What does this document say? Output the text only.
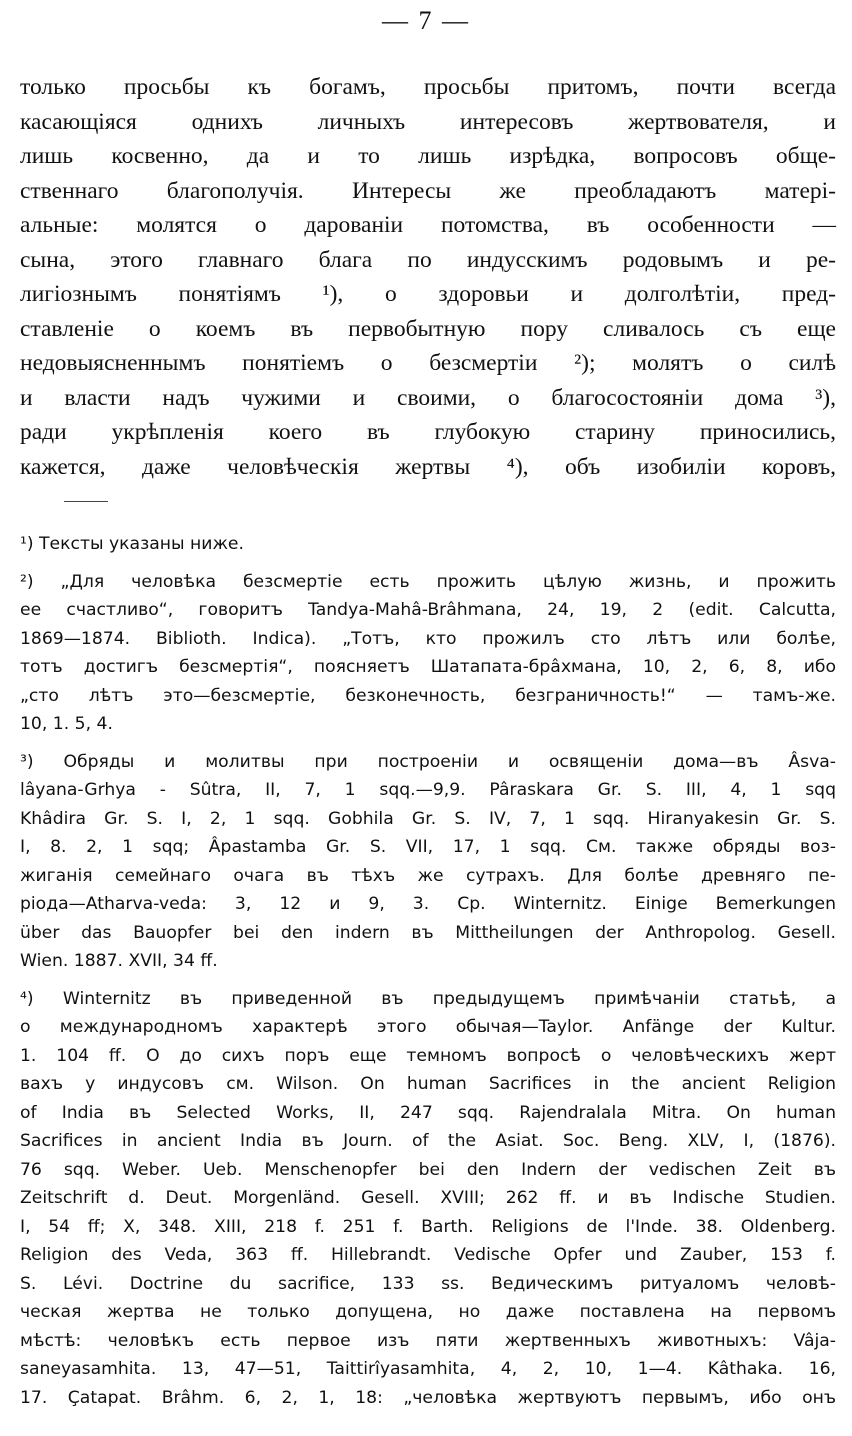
— 7 —
только просьбы къ богамъ, просьбы притомъ, почти всегда
касающіяся однихъ личныхъ интересовъ жертвователя, и
лишь косвенно, да и то лишь изрѣдка, вопросовъ обще-
ственнаго благополучія. Интересы же преобладаютъ матері-
альные: молятся о дарованіи потомства, въ особенности —
сына, этого главнаго блага по индусскимъ родовымъ и ре-
лигіознымъ понятіямъ ¹), о здоровьи и долголѣтіи, пред-
ставленіе о коемъ въ первобытную пору сливалось съ еще
недовыясненнымъ понятіемъ о безсмертіи ²); молятъ о силѣ
и власти надъ чужими и своими, о благосостояніи дома ³),
ради укрѣпленія коего въ глубокую старину приносились,
кажется, даже человѣческія жертвы ⁴), объ изобиліи коровъ,
¹) Тексты указаны ниже.
²) „Для человѣка безсмертіе есть прожить цѣлую жизнь, и прожить
ее счастливо“, говоритъ Tandya-Mahâ-Brâhmana, 24, 19, 2 (edit. Calcutta,
1869—1874. Biblioth. Indica). „Тотъ, кто прожилъ сто лѣтъ или болѣе,
тотъ достигъ безсмертія“, поясняетъ Шатапата-брâхмана, 10, 2, 6, 8, ибо
„сто лѣтъ это—безсмертіе, безконечность, безграничность!“ — тамъ-же.
10, 1. 5, 4.
³) Обряды и молитвы при построеніи и освященіи дома—въ Âsva-
lâyana-Grhya - Sûtra, II, 7, 1 sqq.—9,9. Pâraskara Gr. S. III, 4, 1 sqq
Khâdira Gr. S. I, 2, 1 sqq. Gobhila Gr. S. IV, 7, 1 sqq. Hiranyakesin Gr. S.
I, 8. 2, 1 sqq; Âpastamba Gr. S. VII, 17, 1 sqq. См. также обряды воз-
жиганія семейнаго очага въ тѣхъ же сутрахъ. Для болѣе древняго пе-
ріода—Atharva-veda: 3, 12 и 9, 3. Cp. Winternitz. Einige Bemerkungen
über das Bauopfer bei den indern въ Mittheilungen der Anthropolog. Gesell.
Wien. 1887. XVII, 34 ff.
⁴) Winternitz въ приведенной въ предыдущемъ примѣчаніи статьѣ, а
о международномъ характерѣ этого обычая—Taylor. Anfänge der Kultur.
1. 104 ff. О до сихъ поръ еще темномъ вопросѣ о человѣческихъ жерт
вахъ у индусовъ см. Wilson. On human Sacrifices in the ancient Religion
of India въ Selected Works, II, 247 sqq. Rajendralala Mitra. On human
Sacrifices in ancient India въ Journ. of the Asiat. Soc. Beng. XLV, I, (1876).
76 sqq. Weber. Ueb. Menschenopfer bei den Indern der vedischen Zeit въ
Zeitschrift d. Deut. Morgenländ. Gesell. XVIII; 262 ff. и въ Indische Studien.
I, 54 ff; X, 348. XIII, 218 f. 251 f. Barth. Religions de l'Inde. 38. Oldenberg.
Religion des Veda, 363 ff. Hillebrandt. Vedische Opfer und Zauber, 153 f.
S. Lévi. Doctrine du sacrifice, 133 ss. Ведическимъ ритуаломъ человѣ-
ческая жертва не только допущена, но даже поставлена на первомъ
мѣстѣ: человѣкъ есть первое изъ пяти жертвенныхъ животныхъ: Vâja-
saneyasamhita. 13, 47—51, Taittirîyasamhita, 4, 2, 10, 1—4. Kâthaka. 16,
17. Çatapat. Brâhm. 6, 2, 1, 18: „человѣка жертвуютъ первымъ, ибо онъ
